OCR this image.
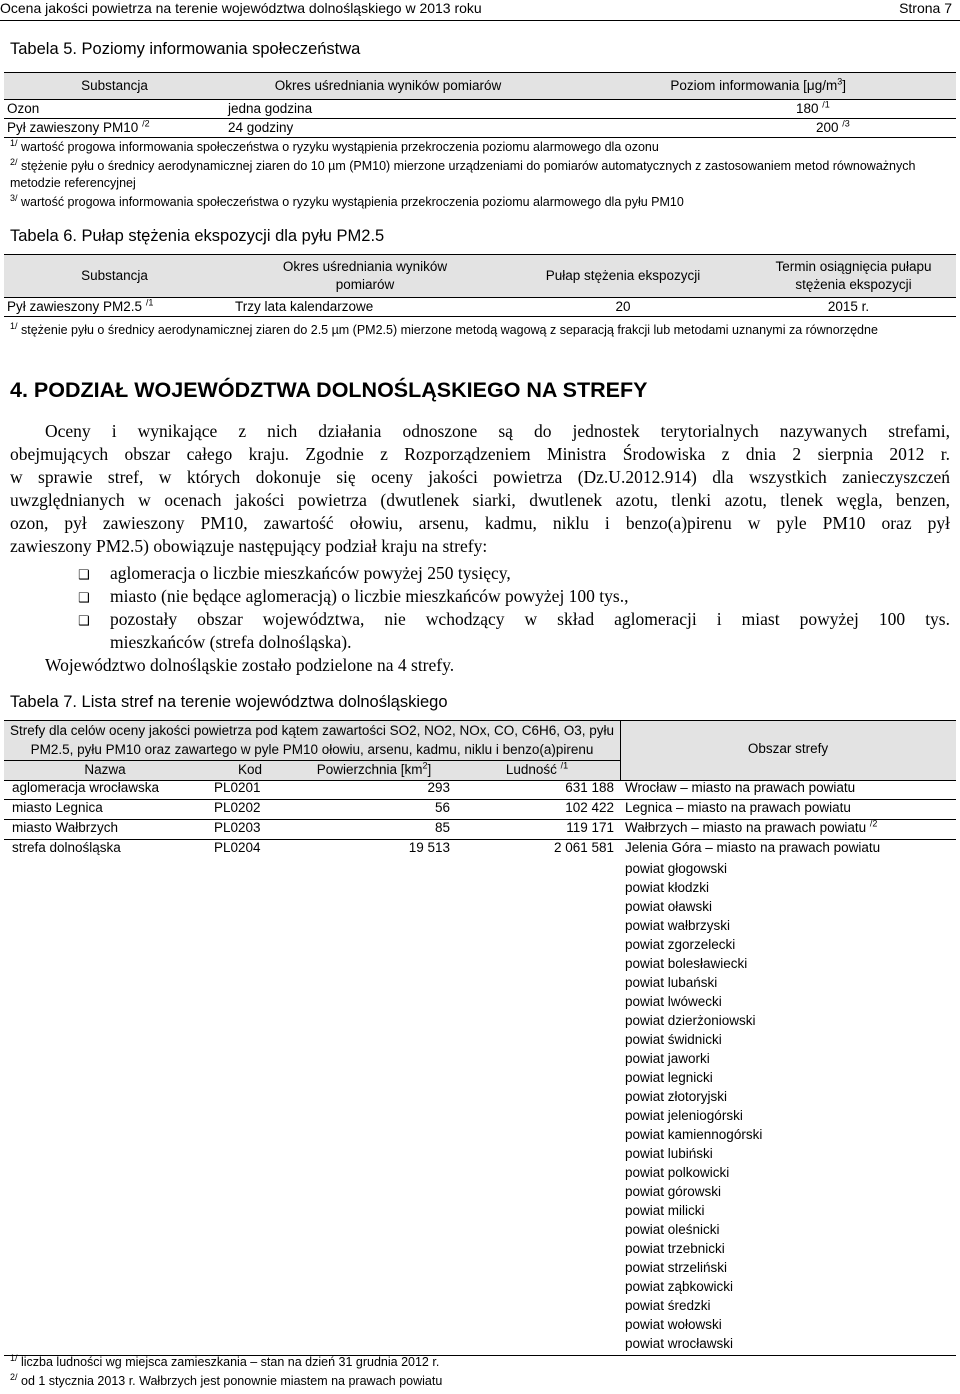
Ocena jakości powietrza na terenie województwa dolnośląskiego w 2013 roku	Strona 7
Tabela 5. Poziomy informowania społeczeństwa
Substancja	Okres uśredniania wyników pomiarów	Poziom informowania $[\mu g/m^3]$
Ozon	jedna godzina	180 $^{/1}$
Pył zawieszony PM10 $^{/2}$	24 godziny	200 $^{/3}$
$^{1/}$ wartość progowa informowania społeczeństwa o ryzyku wystąpienia przekroczenia poziomu alarmowego dla ozonu
$^{2/}$ stężenie pyłu o średnicy aerodynamicznej ziaren do 10 µm (PM10) mierzone urządzeniami do pomiarów automatycznych z zastosowaniem metod równoważnych metodzie referencyjnej
$^{3/}$ wartość progowa informowania społeczeństwa o ryzyku wystąpienia przekroczenia poziomu alarmowego dla pyłu PM10
Tabela 6. Pułap stężenia ekspozycji dla pyłu PM2.5
Substancja	Okres uśredniania wyników pomiarów	Pułap stężenia ekspozycji	Termin osiągnięcia pułapu stężenia ekspozycji
Pył zawieszony PM2.5 $^{/1}$	Trzy lata kalendarzowe	20	2015 r.
$^{1/}$ stężenie pyłu o średnicy aerodynamicznej ziaren do 2.5 µm (PM2.5) mierzone metodą wagową z separacją frakcji lub metodami uznanymi za równorzędne
4. PODZIAŁ WOJEWÓDZTWA DOLNOŚLĄSKIEGO NA STREFY
Oceny i wynikające z nich działania odnoszone są do jednostek terytorialnych nazywanych strefami,
obejmujących obszar całego kraju. Zgodnie z Rozporządzeniem Ministra Środowiska z dnia 2 sierpnia 2012 r.
w sprawie stref, w których dokonuje się oceny jakości powietrza (Dz.U.2012.914) dla wszystkich zanieczyszczeń
uwzględnianych w ocenach jakości powietrza (dwutlenek siarki, dwutlenek azotu, tlenki azotu, tlenek węgla, benzen,
ozon, pył zawieszony PM10, zawartość ołowiu, arsenu, kadmu, niklu i benzo(a)pirenu w pyle PM10 oraz pył
zawieszony PM2.5) obowiązuje następujący podział kraju na strefy:
❑ aglomeracja o liczbie mieszkańców powyżej 250 tysięcy,
❑ miasto (nie będące aglomeracją) o liczbie mieszkańców powyżej 100 tys.,
❑ pozostały obszar województwa, nie wchodzący w skład aglomeracji i miast powyżej 100 tys.
mieszkańców (strefa dolnośląska).
Województwo dolnośląskie zostało podzielone na 4 strefy.
Tabela 7. Lista stref na terenie województwa dolnośląskiego
Strefy dla celów oceny jakości powietrza pod kątem zawartości SO2, NO2, NOx, CO, C6H6, O3, pyłu
PM2.5, pyłu PM10 oraz zawartego w pyle PM10 ołowiu, arsenu, kadmu, niklu i benzo(a)pirenu	Obszar strefy
Nazwa	Kod	Powierzchnia $[km^2]$	Ludność $^{/1}$
aglomeracja wrocławska	PL0201	293	631 188 Wrocław – miasto na prawach powiatu
miasto Legnica	PL0202	56	102 422 Legnica – miasto na prawach powiatu
miasto Wałbrzych	PL0203	85	119 171 Wałbrzych – miasto na prawach powiatu $^{/2}$
strefa dolnośląska	PL0204	19 513	2 061 581 Jelenia Góra – miasto na prawach powiatu
powiat głogowski
powiat kłodzki
powiat oławski
powiat wałbrzyski
powiat zgorzelecki
powiat bolesławiecki
powiat lubański
powiat lwówecki
powiat dzierżoniowski
powiat świdnicki
powiat jaworki
powiat legnicki
powiat złotoryjski
powiat jeleniogórski
powiat kamiennogórski
powiat lubiński
powiat polkowicki
powiat górowski
powiat milicki
powiat oleśnicki
powiat trzebnicki
powiat strzeliński
powiat ząbkowicki
powiat średzki
powiat wołowski
powiat wrocławski
$^{1/}$ liczba ludności wg miejsca zamieszkania – stan na dzień 31 grudnia 2012 r.
$^{2/}$ od 1 stycznia 2013 r. Wałbrzych jest ponownie miastem na prawach powiatu
